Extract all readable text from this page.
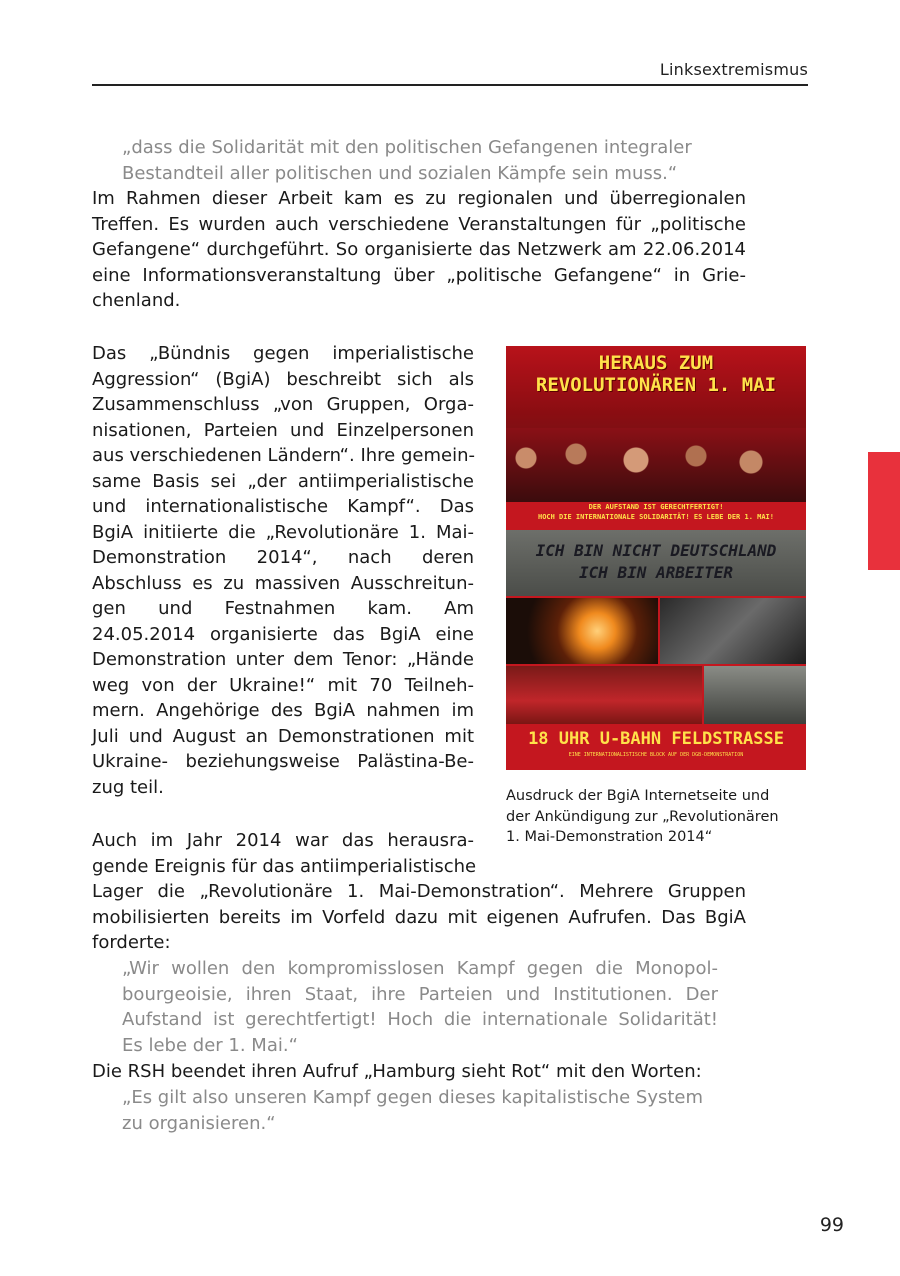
Linksextremismus
„dass die Solidarität mit den politischen Gefangenen integraler
Bestandteil aller politischen und sozialen Kämpfe sein muss.“
Im Rahmen dieser Arbeit kam es zu regionalen und überregionalen
Treffen. Es wurden auch verschiedene Veranstaltungen für „politische
Gefangene“ durchgeführt. So organisierte das Netzwerk am 22.06.2014
eine Informationsveranstaltung über „politische Gefangene“ in Grie-
chenland.
Das „Bündnis gegen imperialistische
Aggression“ (BgiA) beschreibt sich als
Zusammenschluss „von Gruppen, Orga-
nisationen, Parteien und Einzelpersonen
aus verschiedenen Ländern“. Ihre gemein-
same Basis sei „der antiimperialistische
und internationalistische Kampf“. Das
BgiA initiierte die „Revolutionäre 1. Mai-
Demonstration 2014“, nach deren
Abschluss es zu massiven Ausschreitun-
gen und Festnahmen kam. Am
24.05.2014 organisierte das BgiA eine
Demonstration unter dem Tenor: „Hände
weg von der Ukraine!“ mit 70 Teilneh-
mern. Angehörige des BgiA nahmen im
Juli und August an Demonstrationen mit
Ukraine- beziehungsweise Palästina-Be-
zug teil.
HERAUS ZUM
REVOLUTIONÄREN 1. MAI
DER AUFSTAND IST GERECHTFERTIGT!
HOCH DIE INTERNATIONALE SOLIDARITÄT! ES LEBE DER 1. MAI!
ICH BIN NICHT DEUTSCHLAND
ICH BIN ARBEITER
18 UHR U-BAHN FELDSTRASSE
EINE INTERNATIONALISTISCHE BLOCK AUF DER DGB-DEMONSTRATION
Ausdruck der BgiA Internetseite und
der Ankündigung zur „Revolutionären
1. Mai-Demonstration 2014“
Auch im Jahr 2014 war das herausra-
gende Ereignis für das antiimperialistische
Lager die „Revolutionäre 1. Mai-Demonstration“. Mehrere Gruppen
mobilisierten bereits im Vorfeld dazu mit eigenen Aufrufen. Das BgiA
forderte:
„Wir wollen den kompromisslosen Kampf gegen die Monopol-
bourgeoisie, ihren Staat, ihre Parteien und Institutionen. Der
Aufstand ist gerechtfertigt! Hoch die internationale Solidarität!
Es lebe der 1. Mai.“
Die RSH beendet ihren Aufruf „Hamburg sieht Rot“ mit den Worten:
„Es gilt also unseren Kampf gegen dieses kapitalistische System
zu organisieren.“
99
